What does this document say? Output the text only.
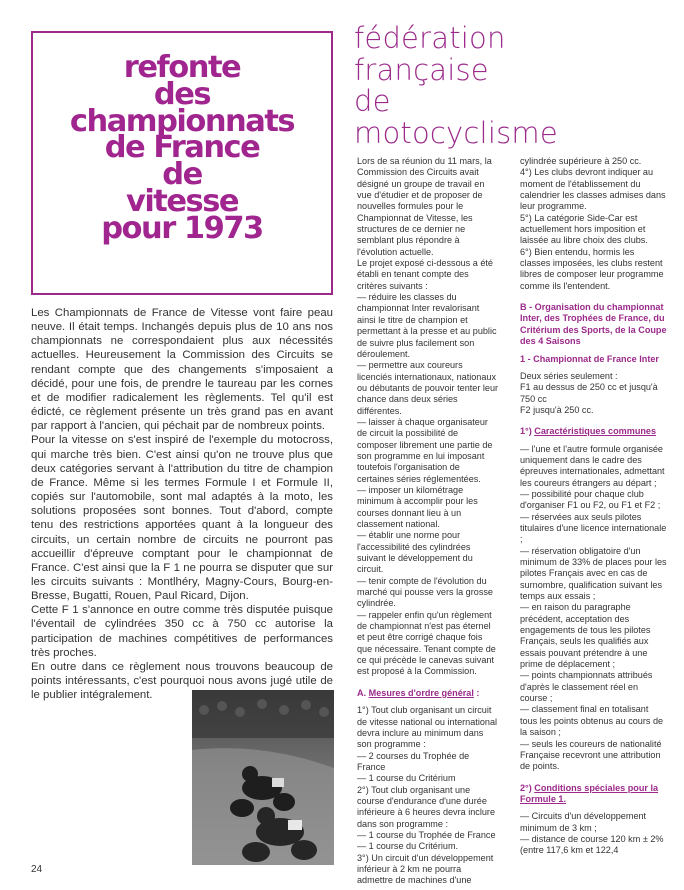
refonte
des
championnats
de France
de
vitesse
pour 1973
fédération
française
de
motocyclisme

Les Championnats de France de Vitesse vont faire peau neuve. Il était temps. Inchangés depuis plus de 10 ans nos championnats ne correspondaient plus aux nécessités actuelles. Heureusement la Commission des Circuits se rendant compte que des changements s'imposaient a décidé, pour une fois, de prendre le taureau par les cornes et de modifier radicalement les règlements. Tel qu'il est édicté, ce règlement présente un très grand pas en avant par rapport à l'ancien, qui péchait par de nombreux points.

Pour la vitesse on s'est inspiré de l'exemple du motocross, qui marche très bien. C'est ainsi qu'on ne trouve plus que deux catégories servant à l'attribution du titre de champion de France. Même si les termes Formule I et Formule II, copiés sur l'automobile, sont mal adaptés à la moto, les solutions proposées sont bonnes. Tout d'abord, compte tenu des restrictions apportées quant à la longueur des circuits, un certain nombre de circuits ne pourront pas accueillir d'épreuve comptant pour le championnat de France. C'est ainsi que la F 1 ne pourra se disputer que sur les circuits suivants : Montlhéry, Magny-Cours, Bourg-en-Bresse, Bugatti, Rouen, Paul Ricard, Dijon.

Cette F 1 s'annonce en outre comme très disputée puisque l'éventail de cylindrées 350 cc à 750 cc autorise la participation de machines compétitives de performances très proches.

En outre dans ce règlement nous trouvons beaucoup de points intéressants, c'est pourquoi nous avons jugé utile de le publier intégralement.

Lors de sa réunion du 11 mars, la Commission des Circuits avait désigné un groupe de travail en vue d'étudier et de proposer de nouvelles formules pour le Championnat de Vitesse, les structures de ce dernier ne semblant plus répondre à l'évolution actuelle.

Le projet exposé ci-dessous a été établi en tenant compte des critères suivants :

— réduire les classes du championnat Inter revalorisant ainsi le titre de champion et permettant à la presse et au public de suivre plus facilement son déroulement.

— permettre aux coureurs licenciés internationaux, nationaux ou débutants de pouvoir tenter leur chance dans deux séries différentes.

— laisser à chaque organisateur de circuit la possibilité de composer librement une partie de son programme en lui imposant toutefois l'organisation de certaines séries réglementées.

— imposer un kilométrage minimum à accomplir pour les courses donnant lieu à un classement national.

— établir une norme pour l'accessibilité des cylindrées suivant le développement du circuit.

— tenir compte de l'évolution du marché qui pousse vers la grosse cylindrée.

— rappeler enfin qu'un règlement de championnat n'est pas éternel et peut être corrigé chaque fois que nécessaire. Tenant compte de ce qui précède le canevas suivant est proposé à la Commission.

A. Mesures d'ordre général :

1°) Tout club organisant un circuit de vitesse national ou international devra inclure au minimum dans son programme :

— 2 courses du Trophée de France

— 1 course du Critérium

2°) Tout club organisant une course d'endurance d'une durée inférieure à 6 heures devra inclure dans son programme :

— 1 course du Trophée de France

— 1 course du Critérium.

3°) Un circuit d'un développement inférieur à 2 km ne pourra admettre de machines d'une

cylindrée supérieure à 250 cc.

4°) Les clubs devront indiquer au moment de l'établissement du calendrier les classes admises dans leur programme.

5°) La catégorie Side-Car est actuellement hors imposition et laissée au libre choix des clubs.

6°) Bien entendu, hormis les classes imposées, les clubs restent libres de composer leur programme comme ils l'entendent.

B - Organisation du championnat Inter, des Trophées de France, du Critérium des Sports, de la Coupe des 4 Saisons

1 - Championnat de France Inter

Deux séries seulement :

F1 au dessus de 250 cc et jusqu'à 750 cc

F2 jusqu'à 250 cc.

1°) Caractéristiques communes

— l'une et l'autre formule organisée uniquement dans le cadre des épreuves internationales, admettant les coureurs étrangers au départ ;

— possibilité pour chaque club d'organiser F1 ou F2, ou F1 et F2 ;

— réservées aux seuls pilotes titulaires d'une licence internationale ;

— réservation obligatoire d'un minimum de 33% de places pour les pilotes Français avec en cas de surnombre, qualification suivant les temps aux essais ;

— en raison du paragraphe précédent, acceptation des engagements de tous les pilotes Français, seuls les qualifiés aux essais pouvant prétendre à une prime de déplacement ;

— points championnats attribués d'après le classement réel en course ;

— classement final en totalisant tous les points obtenus au cours de la saison ;

— seuls les coureurs de nationalité Française recevront une attribution de points.

2°) Conditions spéciales pour la Formule 1.

— Circuits d'un développement minimum de 3 km ;

— distance de course 120 km ± 2% (entre 117,6 km et 122,4

24
